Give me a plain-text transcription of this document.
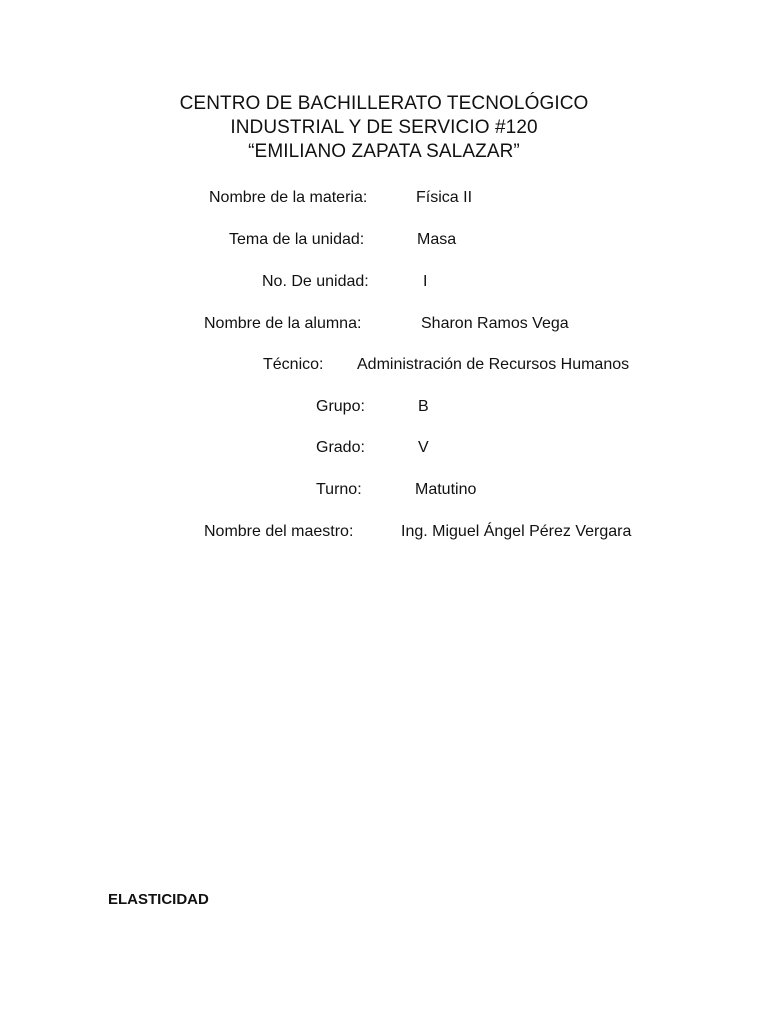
CENTRO DE BACHILLERATO TECNOLÓGICO
INDUSTRIAL Y DE SERVICIO #120
“EMILIANO ZAPATA SALAZAR”
Nombre de la materia:	Física II
Tema de la unidad:	Masa
No. De unidad:	I
Nombre de la alumna:	Sharon Ramos Vega
Técnico: Administración de Recursos Humanos
Grupo:	B
Grado:	V
Turno:	Matutino
Nombre del maestro:	Ing. Miguel Ángel Pérez Vergara
ELASTICIDAD
